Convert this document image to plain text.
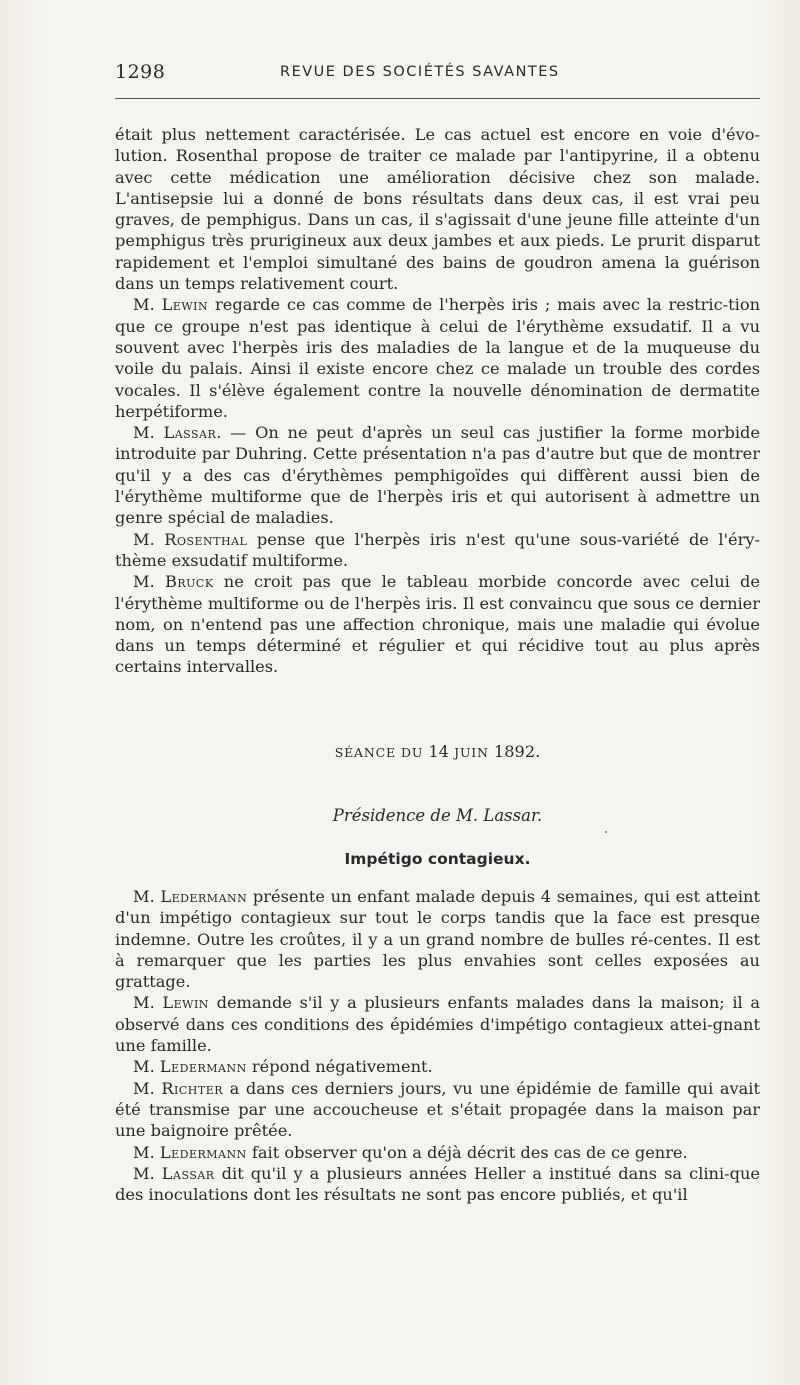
1298	REVUE DES SOCIÉTÉS SAVANTES

était plus nettement caractérisée. Le cas actuel est encore en voie d'évo-lution. Rosenthal propose de traiter ce malade par l'antipyrine, il a obtenu avec cette médication une amélioration décisive chez son malade. L'antisepsie lui a donné de bons résultats dans deux cas, il est vrai peu graves, de pemphigus. Dans un cas, il s'agissait d'une jeune fille atteinte d'un pemphigus très prurigineux aux deux jambes et aux pieds. Le prurit disparut rapidement et l'emploi simultané des bains de goudron amena la guérison dans un temps relativement court.

M. Lewin regarde ce cas comme de l'herpès iris ; mais avec la restric-tion que ce groupe n'est pas identique à celui de l'érythème exsudatif. Il a vu souvent avec l'herpès iris des maladies de la langue et de la muqueuse du voile du palais. Ainsi il existe encore chez ce malade un trouble des cordes vocales. Il s'élève également contre la nouvelle dénomination de dermatite herpétiforme.

M. Lassar. — On ne peut d'après un seul cas justifier la forme morbide introduite par Duhring. Cette présentation n'a pas d'autre but que de montrer qu'il y a des cas d'érythèmes pemphigoïdes qui diffèrent aussi bien de l'érythème multiforme que de l'herpès iris et qui autorisent à admettre un genre spécial de maladies.

M. Rosenthal pense que l'herpès iris n'est qu'une sous-variété de l'éry-thème exsudatif multiforme.

M. Bruck ne croit pas que le tableau morbide concorde avec celui de l'érythème multiforme ou de l'herpès iris. Il est convaincu que sous ce dernier nom, on n'entend pas une affection chronique, mais une maladie qui évolue dans un temps déterminé et régulier et qui récidive tout au plus après certains intervalles.

SÉANCE DU 14 JUIN 1892.
Présidence de M. Lassar.
Impétigo contagieux.

M. Ledermann présente un enfant malade depuis 4 semaines, qui est atteint d'un impétigo contagieux sur tout le corps tandis que la face est presque indemne. Outre les croûtes, il y a un grand nombre de bulles ré-centes. Il est à remarquer que les parties les plus envahies sont celles exposées au grattage.

M. Lewin demande s'il y a plusieurs enfants malades dans la maison; il a observé dans ces conditions des épidémies d'impétigo contagieux attei-gnant une famille.

M. Ledermann répond négativement.

M. Richter a dans ces derniers jours, vu une épidémie de famille qui avait été transmise par une accoucheuse et s'était propagée dans la maison par une baignoire prêtée.

M. Ledermann fait observer qu'on a déjà décrit des cas de ce genre.

M. Lassar dit qu'il y a plusieurs années Heller a institué dans sa clini-que des inoculations dont les résultats ne sont pas encore publiés, et qu'il
